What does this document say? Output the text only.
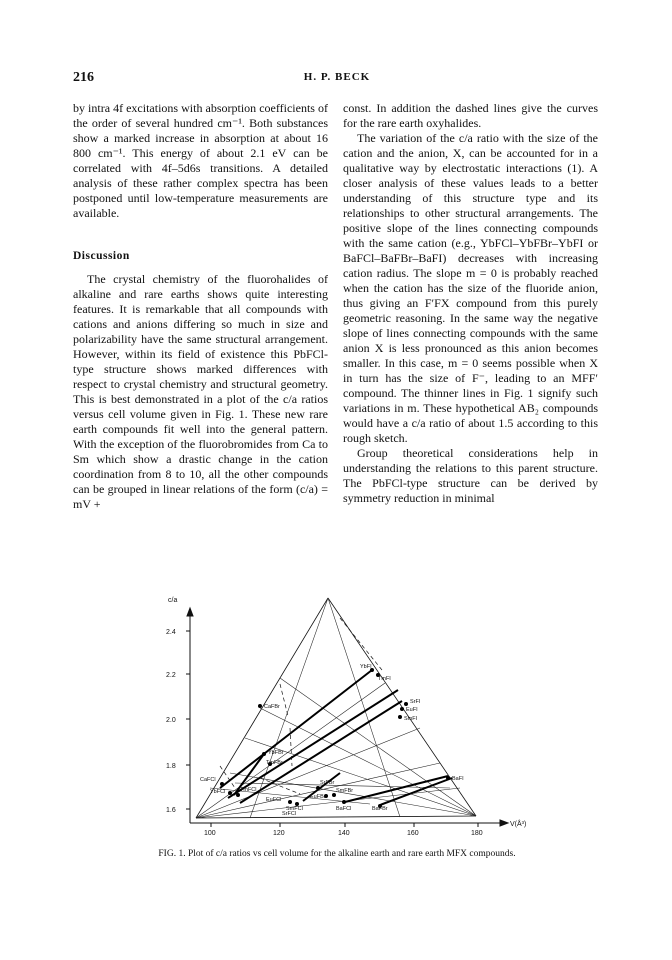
216	H. P. BECK

by intra 4f excitations with absorption coefficients of the order of several hundred cm⁻¹. Both substances show a marked increase in absorption at about 16 800 cm⁻¹. This energy of about 2.1 eV can be correlated with 4f–5d6s transitions. A detailed analysis of these rather complex spectra has been postponed until low-temperature measurements are available.

Discussion

The crystal chemistry of the fluorohalides of alkaline and rare earths shows quite interesting features. It is remarkable that all compounds with cations and anions differing so much in size and polarizability have the same structural arrangement. However, within its field of existence this PbFCl-type structure shows marked differences with respect to crystal chemistry and structural geometry. This is best demonstrated in a plot of the c/a ratios versus cell volume given in Fig. 1. These new rare earth compounds fit well into the general pattern. With the exception of the fluorobromides from Ca to Sm which show a drastic change in the cation coordination from 8 to 10, all the other compounds can be grouped in linear relations of the form (c/a) = mV +

const. In addition the dashed lines give the curves for the rare earth oxyhalides.

The variation of the c/a ratio with the size of the cation and the anion, X, can be accounted for in a qualitative way by electrostatic interactions (1). A closer analysis of these values leads to a better understanding of this structure type and its relationships to other structural arrangements. The positive slope of the lines connecting compounds with the same cation (e.g., YbFCl–YbFBr–YbFI or BaFCl–BaFBr–BaFI) decreases with increasing cation radius. The slope m = 0 is probably reached when the cation has the size of the fluoride anion, thus giving an F′FX compound from this purely geometric reasoning. In the same way the negative slope of lines connecting compounds with the same anion X is less pronounced as this anion becomes smaller. In this case, m = 0 seems possible when X in turn has the size of F⁻, leading to an MFF′ compound. The thinner lines in Fig. 1 signify such variations in m. These hypothetical AB₂ compounds would have a c/a ratio of about 1.5 according to this rough sketch.

Group theoretical considerations help in understanding the relations to this parent structure. The PbFCl-type structure can be derived by symmetry reduction in minimal

c/a
V(Å³)
2.4
2.2
2.0
1.8
1.6
100	120	140	160	180
YbFI
TmFI
SrFI
EuFI
SmFI
CaFBr
YbFBr
TmFBr
CaFCl
YbFCl	TmFCl
EuFCl
SmFCl
SrFCl
SrFBr
EuFBr
SmFBr
BaFCl	BaFBr
BaFI
FIG. 1. Plot of c/a ratios vs cell volume for the alkaline earth and rare earth MFX compounds.
